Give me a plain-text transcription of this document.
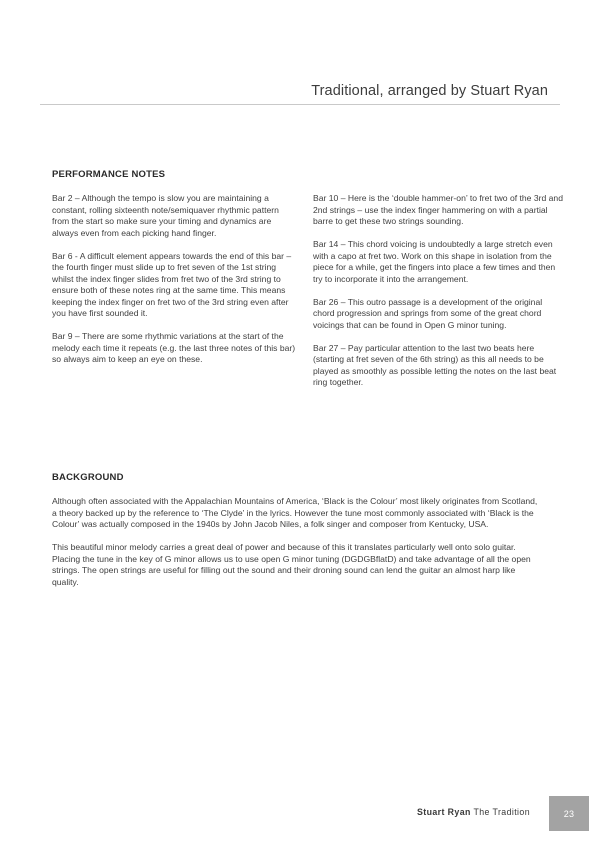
Traditional, arranged by Stuart Ryan
PERFORMANCE NOTES

Bar 2 – Although the tempo is slow you are maintaining a constant, rolling sixteenth note/semiquaver rhythmic pattern from the start so make sure your timing and dynamics are always even from each picking hand finger.

Bar 6 - A difficult element appears towards the end of this bar – the fourth finger must slide up to fret seven of the 1st string whilst the index finger slides from fret two of the 3rd string to ensure both of these notes ring at the same time. This means keeping the index finger on fret two of the 3rd string even after you have first sounded it.

Bar 9 – There are some rhythmic variations at the start of the melody each time it repeats (e.g. the last three notes of this bar) so always aim to keep an eye on these.

Bar 10 – Here is the ‘double hammer-on’ to fret two of the 3rd and 2nd strings – use the index finger hammering on with a partial barre to get these two strings sounding.

Bar 14 – This chord voicing is undoubtedly a large stretch even with a capo at fret two. Work on this shape in isolation from the piece for a while, get the fingers into place a few times and then try to incorporate it into the arrangement.

Bar 26 – This outro passage is a development of the original chord progression and springs from some of the great chord voicings that can be found in Open G minor tuning.

Bar 27 – Pay particular attention to the last two beats here (starting at fret seven of the 6th string) as this all needs to be played as smoothly as possible letting the notes on the last beat ring together.

BACKGROUND

Although often associated with the Appalachian Mountains of America, ‘Black is the Colour’ most likely originates from Scotland, a theory backed up by the reference to ‘The Clyde’ in the lyrics. However the tune most commonly associated with ‘Black is the Colour’ was actually composed in the 1940s by John Jacob Niles, a folk singer and composer from Kentucky, USA.

This beautiful minor melody carries a great deal of power and because of this it translates particularly well onto solo guitar. Placing the tune in the key of G minor allows us to use open G minor tuning (DGDGBflatD) and take advantage of all the open strings. The open strings are useful for filling out the sound and their droning sound can lend the guitar an almost harp like quality.

Stuart Ryan The Tradition	23
